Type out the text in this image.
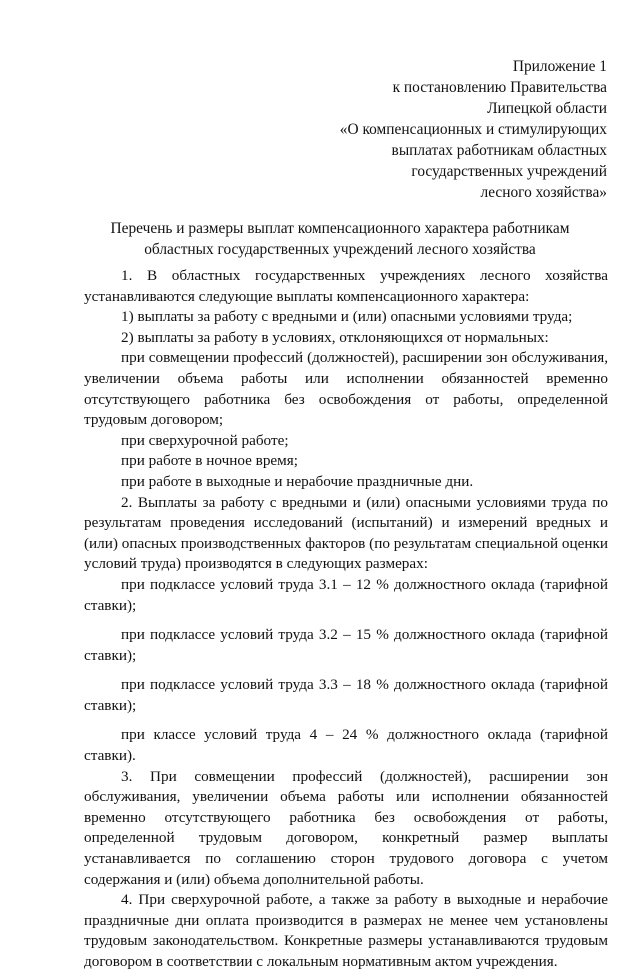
Приложение 1
к постановлению Правительства
Липецкой области
«О компенсационных и стимулирующих
выплатах работникам областных
государственных учреждений
лесного хозяйства»
Перечень и размеры выплат компенсационного характера работникам
областных государственных учреждений лесного хозяйства

1. В областных государственных учреждениях лесного хозяйства устанавливаются следующие выплаты компенсационного характера:

1) выплаты за работу с вредными и (или) опасными условиями труда;

2) выплаты за работу в условиях, отклоняющихся от нормальных:

при совмещении профессий (должностей), расширении зон обслуживания, увеличении объема работы или исполнении обязанностей временно отсутствующего работника без освобождения от работы, определенной трудовым договором;

при сверхурочной работе;

при работе в ночное время;

при работе в выходные и нерабочие праздничные дни.

2. Выплаты за работу с вредными и (или) опасными условиями труда по результатам проведения исследований (испытаний) и измерений вредных и (или) опасных производственных факторов (по результатам специальной оценки условий труда) производятся в следующих размерах:

при подклассе условий труда 3.1 – 12 % должностного оклада (тарифной ставки);

при подклассе условий труда 3.2 – 15 % должностного оклада (тарифной ставки);

при подклассе условий труда 3.3 – 18 % должностного оклада (тарифной ставки);

при классе условий труда 4 – 24 % должностного оклада (тарифной ставки).

3. При совмещении профессий (должностей), расширении зон обслуживания, увеличении объема работы или исполнении обязанностей временно отсутствующего работника без освобождения от работы, определенной трудовым договором, конкретный размер выплаты устанавливается по соглашению сторон трудового договора с учетом содержания и (или) объема дополнительной работы.

4. При сверхурочной работе, а также за работу в выходные и нерабочие праздничные дни оплата производится в размерах не менее чем установлены трудовым законодательством. Конкретные размеры устанавливаются трудовым договором в соответствии с локальным нормативным актом учреждения.
